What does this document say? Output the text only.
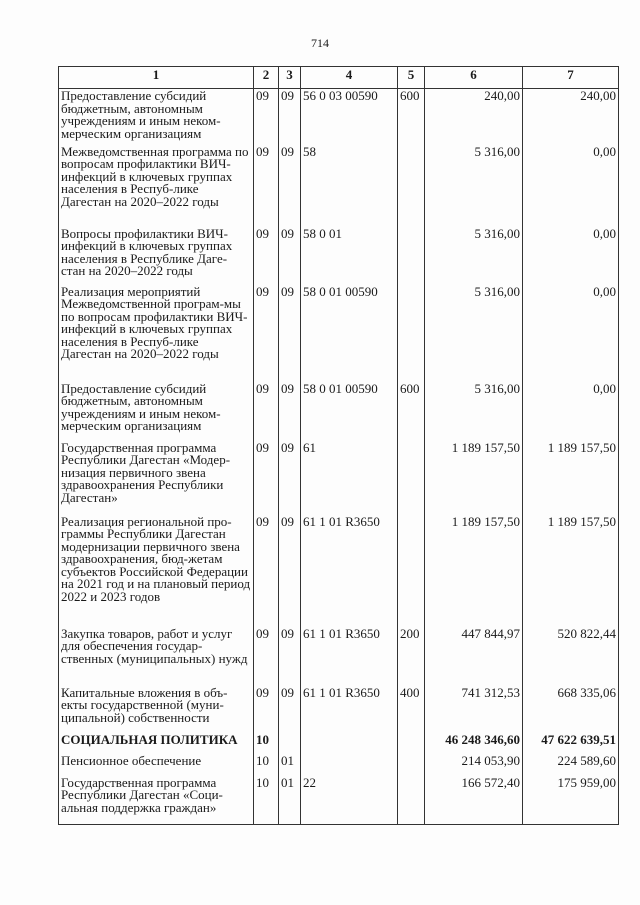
714
1	2	3	4	5	6	7
Предоставление субсидий бюджетным, автономным учреждениям и иным неком-мерческим организациям	09	09	56 0 03 00590	600	240,00	240,00
Межведомственная программа по вопросам профилактики ВИЧ-инфекций в ключевых группах населения в Респуб-лике Дагестан на 2020–2022 годы	09	09	58		5 316,00	0,00
Вопросы профилактики ВИЧ-инфекций в ключевых группах населения в Республике Даге-стан на 2020–2022 годы	09	09	58 0 01		5 316,00	0,00
Реализация мероприятий Межведомственной програм-мы по вопросам профилактики ВИЧ-инфекций в ключевых группах населения в Респуб-лике Дагестан на 2020–2022 годы	09	09	58 0 01 00590		5 316,00	0,00
Предоставление субсидий бюджетным, автономным учреждениям и иным неком-мерческим организациям	09	09	58 0 01 00590	600	5 316,00	0,00
Государственная программа Республики Дагестан «Модер-низация первичного звена здравоохранения Республики Дагестан»	09	09	61		1 189 157,50	1 189 157,50
Реализация региональной про-граммы Республики Дагестан модернизации первичного звена здравоохранения, бюд-жетам субъектов Российской Федерации на 2021 год и на плановый период 2022 и 2023 годов	09	09	61 1 01 R3650		1 189 157,50	1 189 157,50
Закупка товаров, работ и услуг для обеспечения государ-ственных (муниципальных) нужд	09	09	61 1 01 R3650	200	447 844,97	520 822,44
Капитальные вложения в объ-екты государственной (муни-ципальной) собственности	09	09	61 1 01 R3650	400	741 312,53	668 335,06
СОЦИАЛЬНАЯ ПОЛИТИКА	10				46 248 346,60	47 622 639,51
Пенсионное обеспечение	10	01			214 053,90	224 589,60
Государственная программа Республики Дагестан «Соци-альная поддержка граждан»	10	01	22		166 572,40	175 959,00
